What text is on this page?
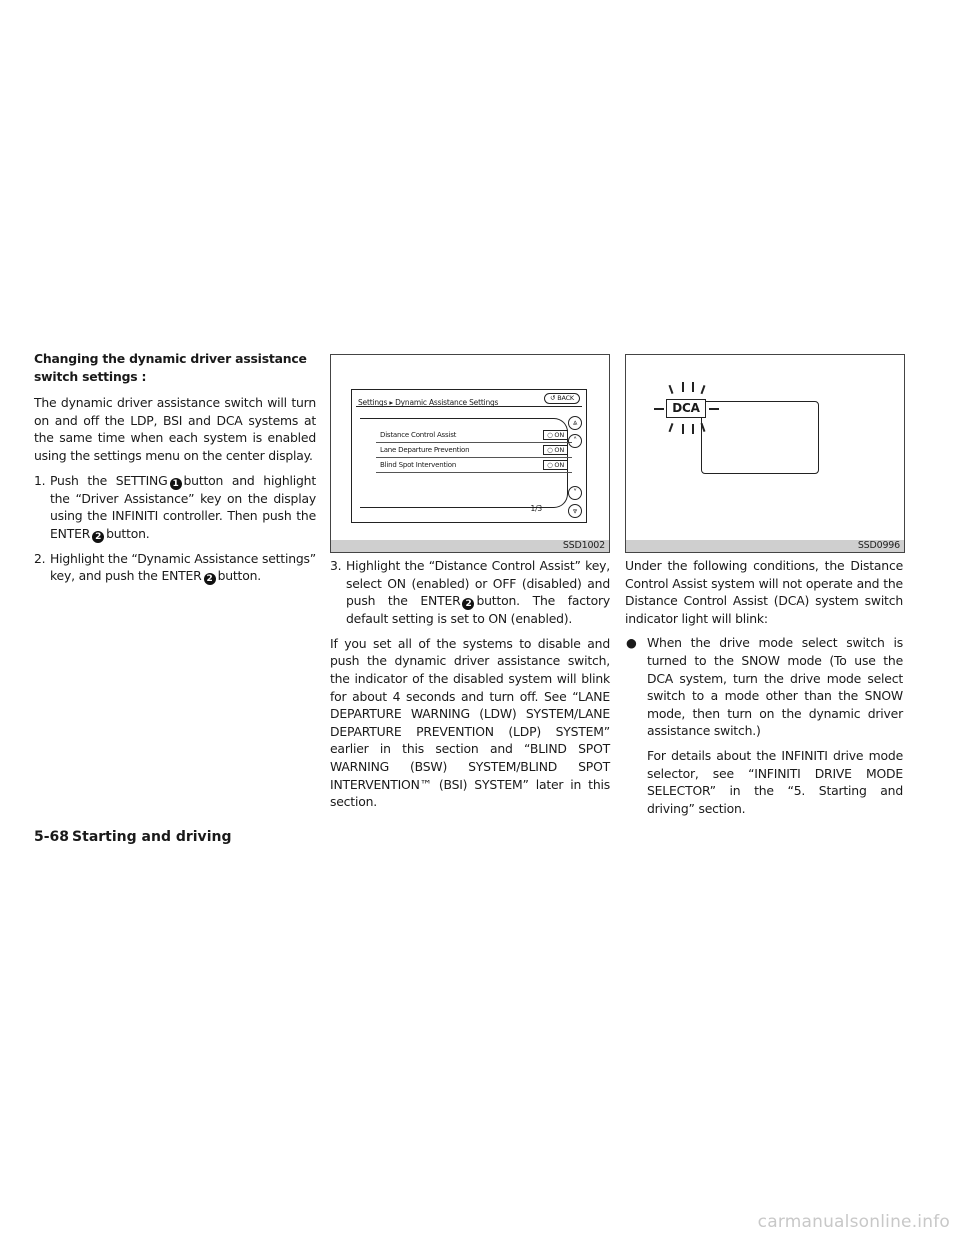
Changing the dynamic driver assistance switch settings :
The dynamic driver assistance switch will turn on and off the LDP, BSI and DCA systems at the same time when each system is enabled using the settings menu on the center display.
1. Push the SETTING 1 button and highlight the “Driver Assistance” key on the display using the INFINITI controller. Then push the ENTER 2 button.
2. Highlight the “Dynamic Assistance settings” key, and push the ENTER 2 button.
Settings ▸ Dynamic Assistance Settings	↺ BACK
Distance Control Assist	○ ON
Lane Departure Prevention	○ ON
Blind Spot Intervention	○ ON
1/3
⩓
˄
˅
⩔
SSD1002
3. Highlight the “Distance Control Assist” key, select ON (enabled) or OFF (disabled) and push the ENTER 2 button. The factory default setting is set to ON (enabled).
If you set all of the systems to disable and push the dynamic driver assistance switch, the indicator of the disabled system will blink for about 4 seconds and turn off. See “LANE DEPARTURE WARNING (LDW) SYSTEM/LANE DEPARTURE PREVENTION (LDP) SYSTEM” earlier in this section and “BLIND SPOT WARNING (BSW) SYSTEM/BLIND SPOT INTERVENTION™ (BSI) SYSTEM” later in this section.
DCA
SSD0996
Under the following conditions, the Distance Control Assist system will not operate and the Distance Control Assist (DCA) system switch indicator light will blink:
● When the drive mode select switch is turned to the SNOW mode (To use the DCA system, turn the drive mode select switch to a mode other than the SNOW mode, then turn on the dynamic driver assistance switch.)
For details about the INFINITI drive mode selector, see “INFINITI DRIVE MODE SELECTOR” in the “5. Starting and driving” section.
5-68 Starting and driving
carmanualsonline.info
